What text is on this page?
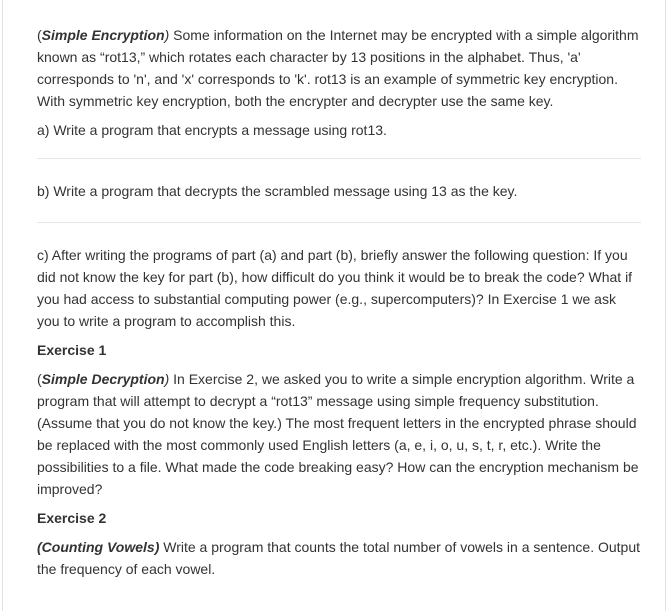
(Simple Encryption) Some information on the Internet may be encrypted with a simple algorithm known as “rot13,” which rotates each character by 13 positions in the alphabet. Thus, 'a' corresponds to 'n', and 'x' corresponds to 'k'. rot13 is an example of symmetric key encryption. With symmetric key encryption, both the encrypter and decrypter use the same key.

a) Write a program that encrypts a message using rot13.

b) Write a program that decrypts the scrambled message using 13 as the key.

c) After writing the programs of part (a) and part (b), briefly answer the following question: If you did not know the key for part (b), how difficult do you think it would be to break the code? What if you had access to substantial computing power (e.g., supercomputers)? In Exercise 1 we ask you to write a program to accomplish this.

Exercise 1

(Simple Decryption) In Exercise 2, we asked you to write a simple encryption algorithm. Write a program that will attempt to decrypt a “rot13” message using simple frequency substitution. (Assume that you do not know the key.) The most frequent letters in the encrypted phrase should be replaced with the most commonly used English letters (a, e, i, o, u, s, t, r, etc.). Write the possibilities to a file. What made the code breaking easy? How can the encryption mechanism be improved?

Exercise 2

(Counting Vowels) Write a program that counts the total number of vowels in a sentence. Output the frequency of each vowel.
